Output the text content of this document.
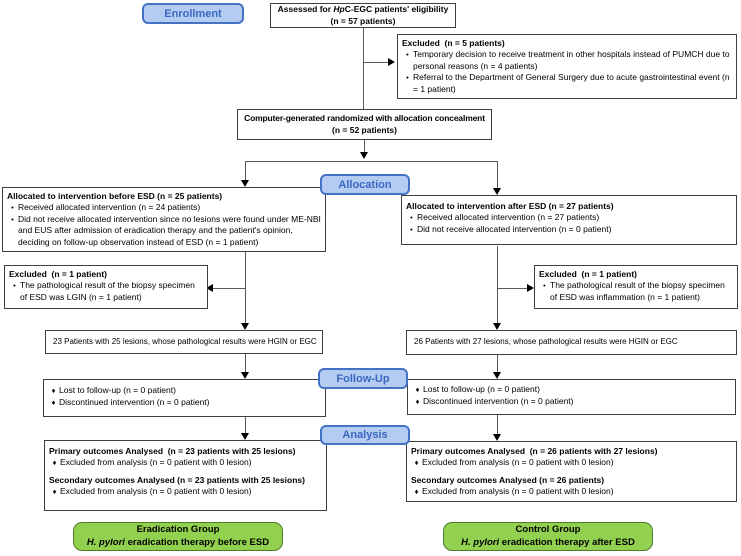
Enrollment
Allocation
Follow-Up
Analysis
Assessed for HpC-EGC patients' eligibility
(n = 57 patients)
Excluded  (n = 5 patients)
• Temporary decision to receive treatment in other hospitals instead of PUMCH due to personal reasons (n = 4 patients)
• Referral to the Department of General Surgery due to acute gastrointestinal event (n = 1 patient)
Computer-generated randomized with allocation concealment
(n = 52 patients)
Allocated to intervention before ESD (n = 25 patients)
• Received allocated intervention (n = 24 patients)
• Did not receive allocated intervention since no lesions were found under ME-NBI and EUS after admission of eradication therapy and the patient's opinion, deciding on follow-up observation instead of ESD (n = 1 patient)
Allocated to intervention after ESD (n = 27 patients)
• Received allocated intervention (n = 27 patients)
• Did not receive allocated intervention (n = 0 patient)
Excluded  (n = 1 patient)
• The pathological result of the biopsy specimen of ESD was LGIN (n = 1 patient)
Excluded  (n = 1 patient)
• The pathological result of the biopsy specimen of ESD was inflammation (n = 1 patient)
23 Patients with 25 lesions, whose pathological results were HGIN or EGC	26 Patients with 27 lesions, whose pathological results were HGIN or EGC
♦ Lost to follow-up (n = 0 patient)
♦ Discontinued intervention (n = 0 patient)
♦ Lost to follow-up (n = 0 patient)
♦ Discontinued intervention (n = 0 patient)
Primary outcomes Analysed  (n = 23 patients with 25 lesions)
♦ Excluded from analysis (n = 0 patient with 0 lesion)
Secondary outcomes Analysed (n = 23 patients with 25 lesions)
♦ Excluded from analysis (n = 0 patient with 0 lesion)
Primary outcomes Analysed  (n = 26 patients with 27 lesions)
♦ Excluded from analysis (n = 0 patient with 0 lesion)
Secondary outcomes Analysed (n = 26 patients)
♦ Excluded from analysis (n = 0 patient with 0 lesion)
Eradication Group
H. pylori eradication therapy before ESD
Control Group
H. pylori eradication therapy after ESD
